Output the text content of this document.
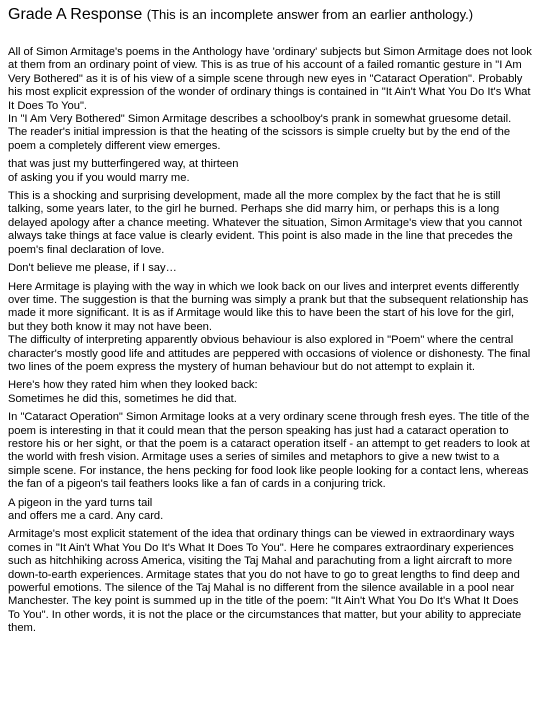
Grade A Response (This is an incomplete answer from an earlier anthology.)

All of Simon Armitage's poems in the Anthology have 'ordinary' subjects but Simon Armitage does not look at them from an ordinary point of view. This is as true of his account of a failed romantic gesture in "I Am Very Bothered" as it is of his view of a simple scene through new eyes in "Cataract Operation". Probably his most explicit expression of the wonder of ordinary things is contained in "It Ain't What You Do It's What It Does To You".

In "I Am Very Bothered" Simon Armitage describes a schoolboy's prank in somewhat gruesome detail. The reader's initial impression is that the heating of the scissors is simple cruelty but by the end of the poem a completely different view emerges.

that was just my butterfingered way, at thirteen
of asking you if you would marry me.

This is a shocking and surprising development, made all the more complex by the fact that he is still talking, some years later, to the girl he burned. Perhaps she did marry him, or perhaps this is a long delayed apology after a chance meeting. Whatever the situation, Simon Armitage's view that you cannot always take things at face value is clearly evident. This point is also made in the line that precedes the poem's final declaration of love.

Don't believe me please, if I say…

Here Armitage is playing with the way in which we look back on our lives and interpret events differently over time. The suggestion is that the burning was simply a prank but that the subsequent relationship has made it more significant. It is as if Armitage would like this to have been the start of his love for the girl, but they both know it may not have been.

The difficulty of interpreting apparently obvious behaviour is also explored in "Poem" where the central character's mostly good life and attitudes are peppered with occasions of violence or dishonesty. The final two lines of the poem express the mystery of human behaviour but do not attempt to explain it.

Here's how they rated him when they looked back:
Sometimes he did this, sometimes he did that.

In "Cataract Operation" Simon Armitage looks at a very ordinary scene through fresh eyes. The title of the poem is interesting in that it could mean that the person speaking has just had a cataract operation to restore his or her sight, or that the poem is a cataract operation itself - an attempt to get readers to look at the world with fresh vision. Armitage uses a series of similes and metaphors to give a new twist to a simple scene. For instance, the hens pecking for food look like people looking for a contact lens, whereas the fan of a pigeon's tail feathers looks like a fan of cards in a conjuring trick.

A pigeon in the yard turns tail
and offers me a card. Any card.

Armitage's most explicit statement of the idea that ordinary things can be viewed in extraordinary ways comes in "It Ain't What You Do It's What It Does To You". Here he compares extraordinary experiences such as hitchhiking across America, visiting the Taj Mahal and parachuting from a light aircraft to more down-to-earth experiences. Armitage states that you do not have to go to great lengths to find deep and powerful emotions. The silence of the Taj Mahal is no different from the silence available in a pool near Manchester. The key point is summed up in the title of the poem: "It Ain't What You Do It's What It Does To You". In other words, it is not the place or the circumstances that matter, but your ability to appreciate them.
